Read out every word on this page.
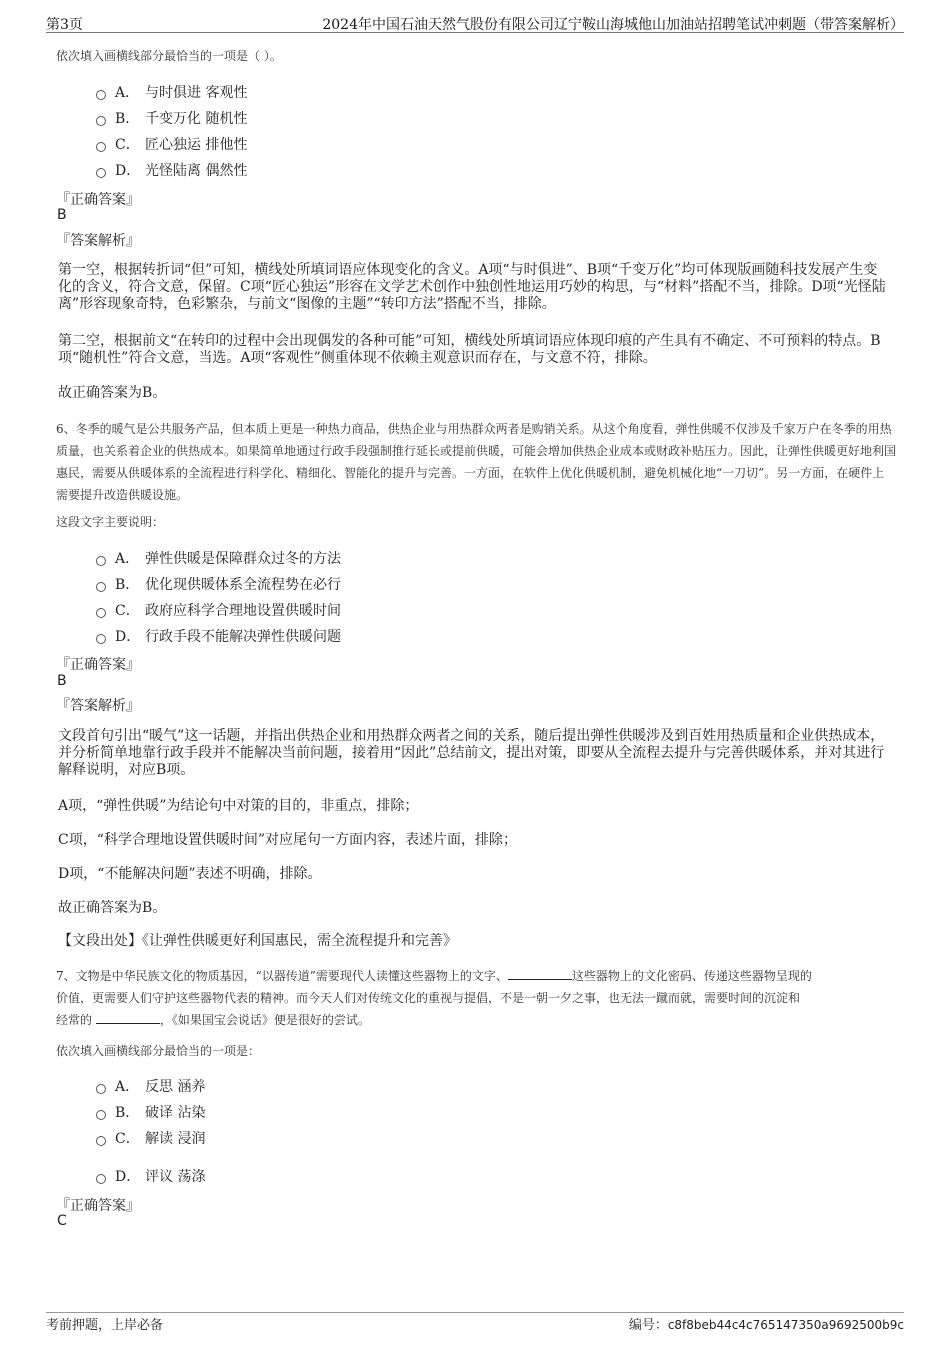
第3页	2024年中国石油天然气股份有限公司辽宁鞍山海城他山加油站招聘笔试冲刺题（带答案解析）
依次填入画横线部分最恰当的一项是（ ）。
A． 与时俱进 客观性
B． 千变万化 随机性
C． 匠心独运 排他性
D． 光怪陆离 偶然性
『正确答案』
B
『答案解析』
第一空，根据转折词“但”可知，横线处所填词语应体现变化的含义。A项“与时俱进”、B项“千变万化”均可体现版画随科技发展产生变化的含义，符合文意，保留。C项“匠心独运”形容在文学艺术创作中独创性地运用巧妙的构思，与“材料”搭配不当，排除。D项“光怪陆离”形容现象奇特，色彩繁杂，与前文“图像的主题”“转印方法”搭配不当，排除。
第二空，根据前文“在转印的过程中会出现偶发的各种可能”可知，横线处所填词语应体现印痕的产生具有不确定、不可预料的特点。B项“随机性”符合文意，当选。A项“客观性”侧重体现不依赖主观意识而存在，与文意不符，排除。
故正确答案为B。
6、冬季的暖气是公共服务产品，但本质上更是一种热力商品，供热企业与用热群众两者是购销关系。从这个角度看，弹性供暖不仅涉及千家万户在冬季的用热质量，也关系着企业的供热成本。如果简单地通过行政手段强制推行延长或提前供暖，可能会增加供热企业成本或财政补贴压力。因此，让弹性供暖更好地利国惠民，需要从供暖体系的全流程进行科学化、精细化、智能化的提升与完善。一方面，在软件上优化供暖机制，避免机械化地“一刀切”。另一方面，在硬件上需要提升改造供暖设施。
这段文字主要说明：
A． 弹性供暖是保障群众过冬的方法
B． 优化现供暖体系全流程势在必行
C． 政府应科学合理地设置供暖时间
D． 行政手段不能解决弹性供暖问题
『正确答案』
B
『答案解析』
文段首句引出“暖气”这一话题，并指出供热企业和用热群众两者之间的关系，随后提出弹性供暖涉及到百姓用热质量和企业供热成本，并分析简单地靠行政手段并不能解决当前问题，接着用“因此”总结前文，提出对策，即要从全流程去提升与完善供暖体系，并对其进行解释说明，对应B项。
A项，“弹性供暖”为结论句中对策的目的，非重点，排除；
C项，“科学合理地设置供暖时间”对应尾句一方面内容，表述片面，排除；
D项，“不能解决问题”表述不明确，排除。
故正确答案为B。
【文段出处】《让弹性供暖更好利国惠民，需全流程提升和完善》
7、文物是中华民族文化的物质基因，“以器传道”需要现代人读懂这些器物上的文字、	这些器物上的文化密码、传递这些器物呈现的
价值，更需要人们守护这些器物代表的精神。而今天人们对传统文化的重视与提倡，不是一朝一夕之事，也无法一蹴而就，需要时间的沉淀和
经常的	，《如果国宝会说话》便是很好的尝试。
依次填入画横线部分最恰当的一项是：
A． 反思 涵养
B． 破译 沾染
C． 解读 浸润
D． 评议 荡涤
『正确答案』
C
考前押题，上岸必备	编号：c8f8beb44c4c765147350a9692500b9c
